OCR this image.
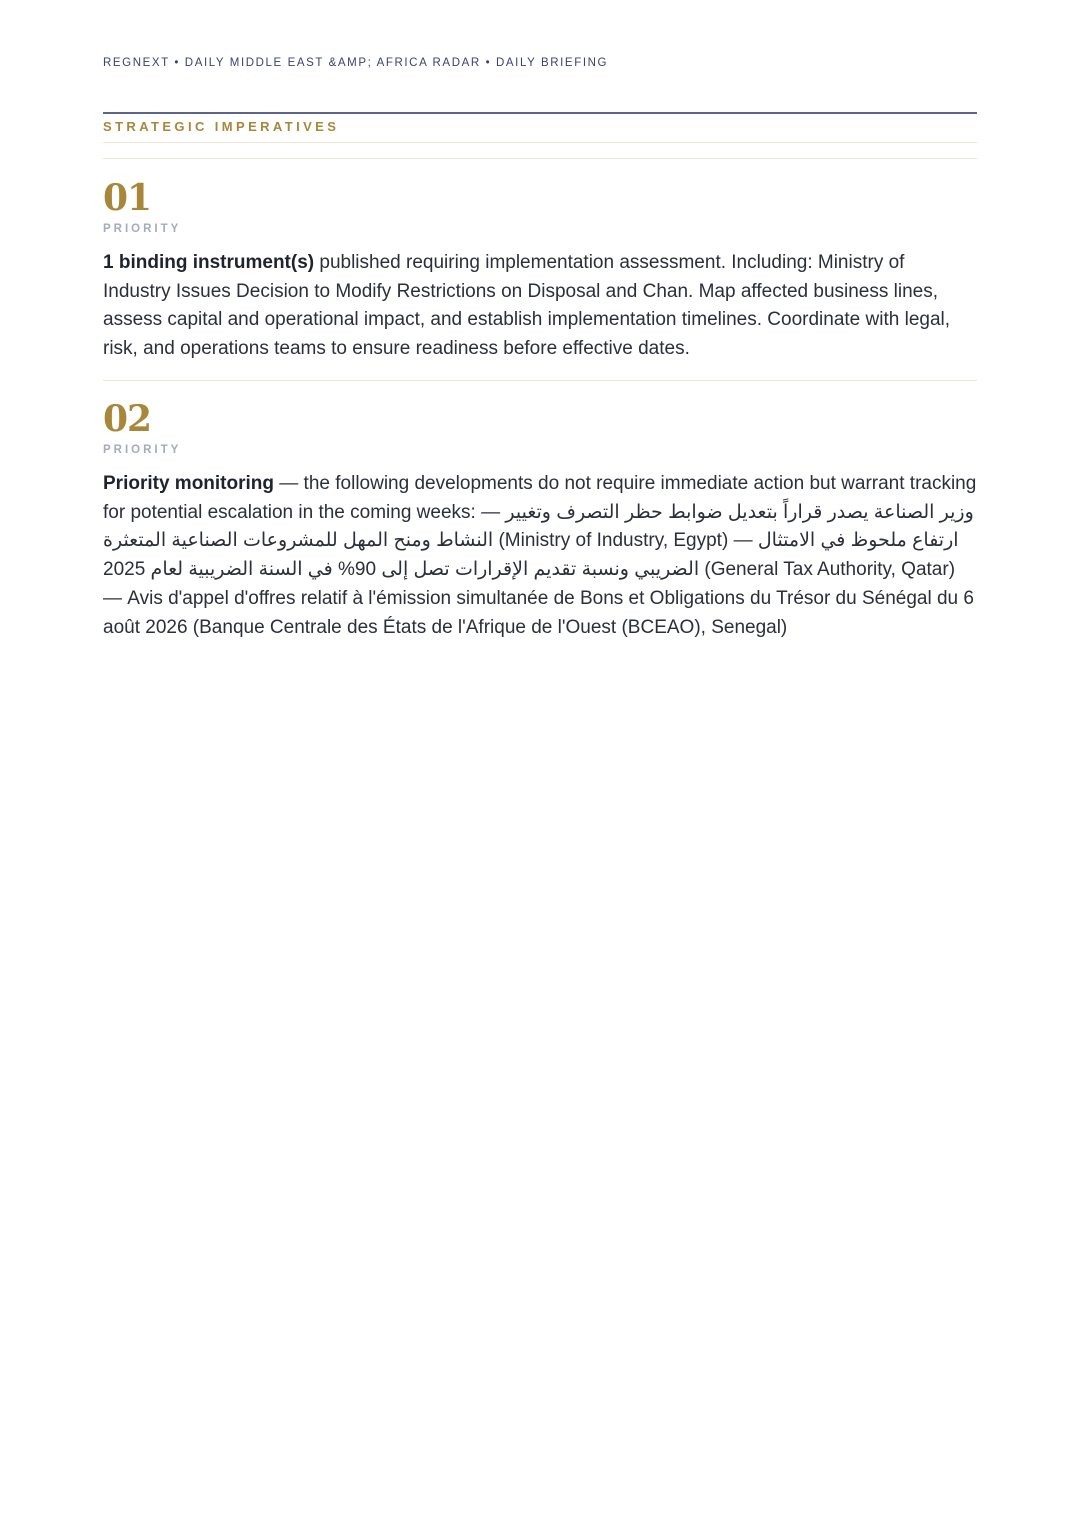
REGNEXT • DAILY MIDDLE EAST &AMP; AFRICA RADAR • DAILY BRIEFING
STRATEGIC IMPERATIVES
01
PRIORITY
1 binding instrument(s) published requiring implementation assessment. Including: Ministry of Industry Issues Decision to Modify Restrictions on Disposal and Chan. Map affected business lines, assess capital and operational impact, and establish implementation timelines. Coordinate with legal, risk, and operations teams to ensure readiness before effective dates.
02
PRIORITY
Priority monitoring — the following developments do not require immediate action but warrant tracking for potential escalation in the coming weeks: — وزير الصناعة يصدر قراراً بتعديل ضوابط حظر التصرف وتغيير النشاط ومنح المهل للمشروعات الصناعية المتعثرة (Ministry of Industry, Egypt) — ارتفاع ملحوظ في الامتثال الضريبي ونسبة تقديم الإقرارات تصل إلى 90% في السنة الضريبية لعام 2025 (General Tax Authority, Qatar) — Avis d'appel d'offres relatif à l'émission simultanée de Bons et Obligations du Trésor du Sénégal du 6 août 2026 (Banque Centrale des États de l'Afrique de l'Ouest (BCEAO), Senegal)
